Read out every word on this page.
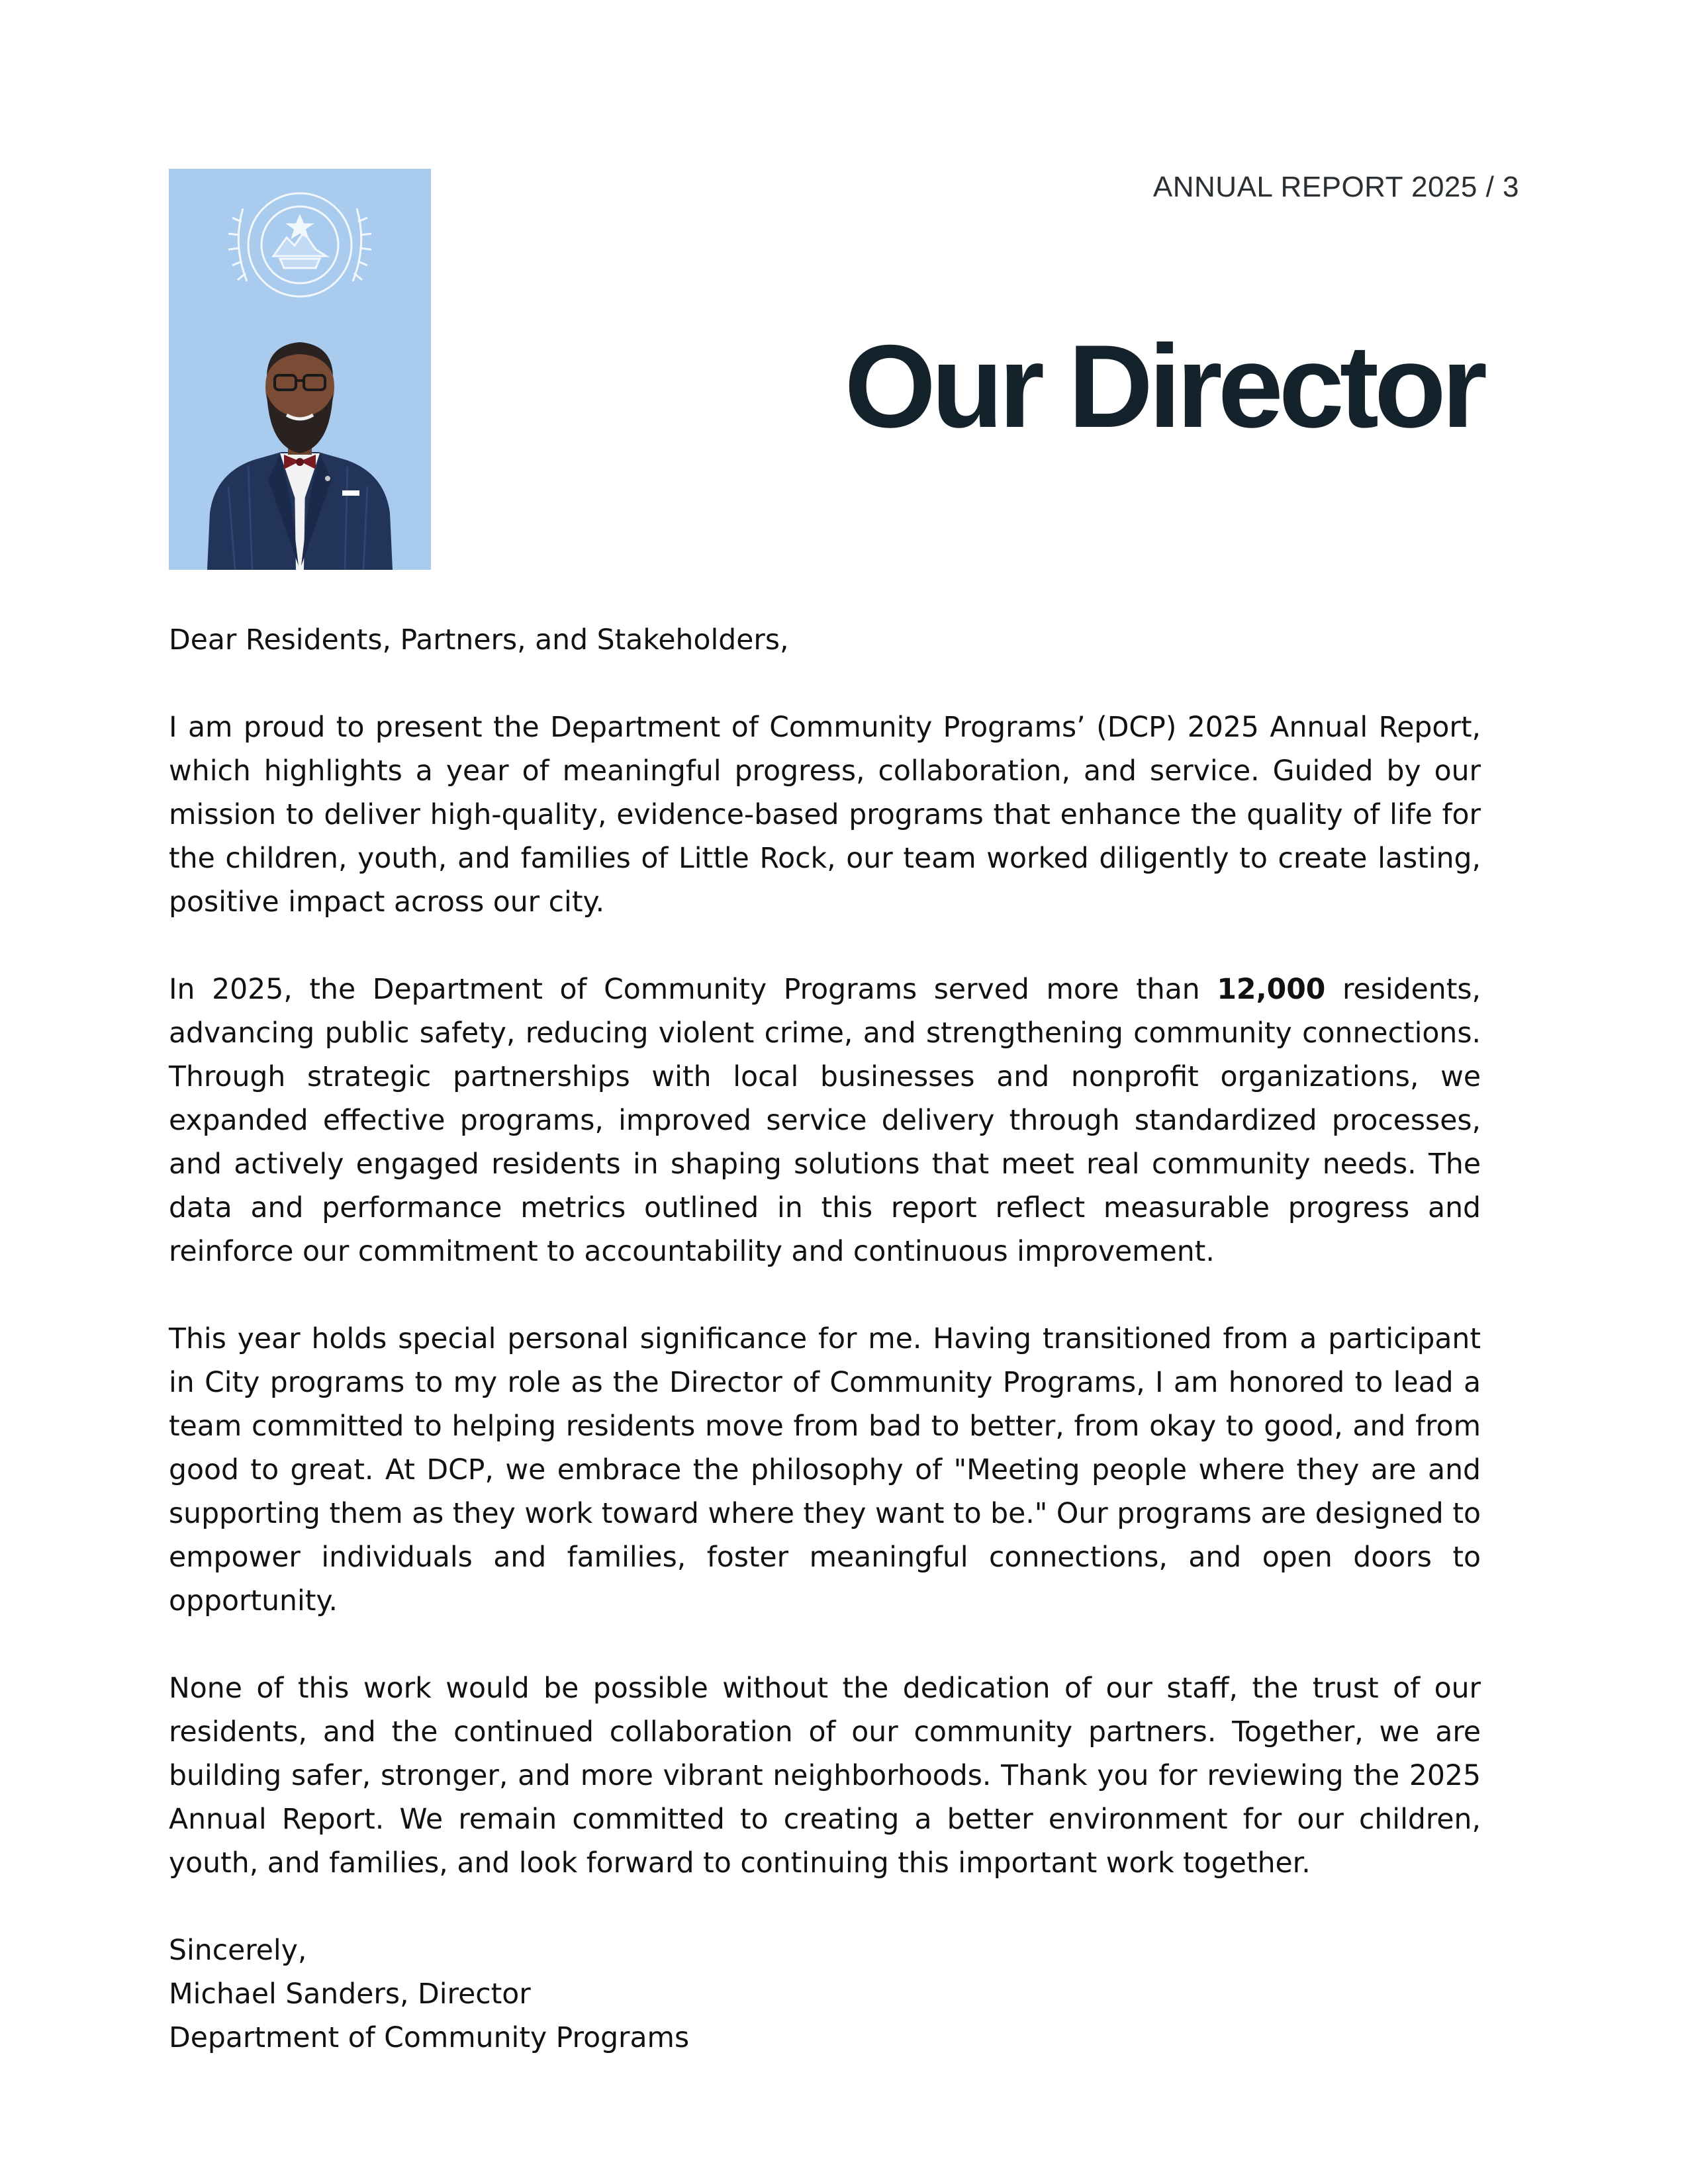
ANNUAL REPORT 2025 / 3
Our Director

Dear Residents, Partners, and Stakeholders,

I am proud to present the Department of Community Programs’ (DCP) 2025 Annual Report, which highlights a year of meaningful progress, collaboration, and service. Guided by our mission to deliver high-quality, evidence-based programs that enhance the quality of life for the children, youth, and families of Little Rock, our team worked diligently to create lasting, positive impact across our city.

In 2025, the Department of Community Programs served more than 12,000 residents, advancing public safety, reducing violent crime, and strengthening community connections. Through strategic partnerships with local businesses and nonprofit organizations, we expanded effective programs, improved service delivery through standardized processes, and actively engaged residents in shaping solutions that meet real community needs. The data and performance metrics outlined in this report reflect measurable progress and reinforce our commitment to accountability and continuous improvement.

This year holds special personal significance for me. Having transitioned from a participant in City programs to my role as the Director of Community Programs, I am honored to lead a team committed to helping residents move from bad to better, from okay to good, and from good to great. At DCP, we embrace the philosophy of "Meeting people where they are and supporting them as they work toward where they want to be." Our programs are designed to empower individuals and families, foster meaningful connections, and open doors to opportunity.

None of this work would be possible without the dedication of our staff, the trust of our residents, and the continued collaboration of our community partners. Together, we are building safer, stronger, and more vibrant neighborhoods. Thank you for reviewing the 2025 Annual Report. We remain committed to creating a better environment for our children, youth, and families, and look forward to continuing this important work together.

Sincerely,
Michael Sanders, Director
Department of Community Programs
